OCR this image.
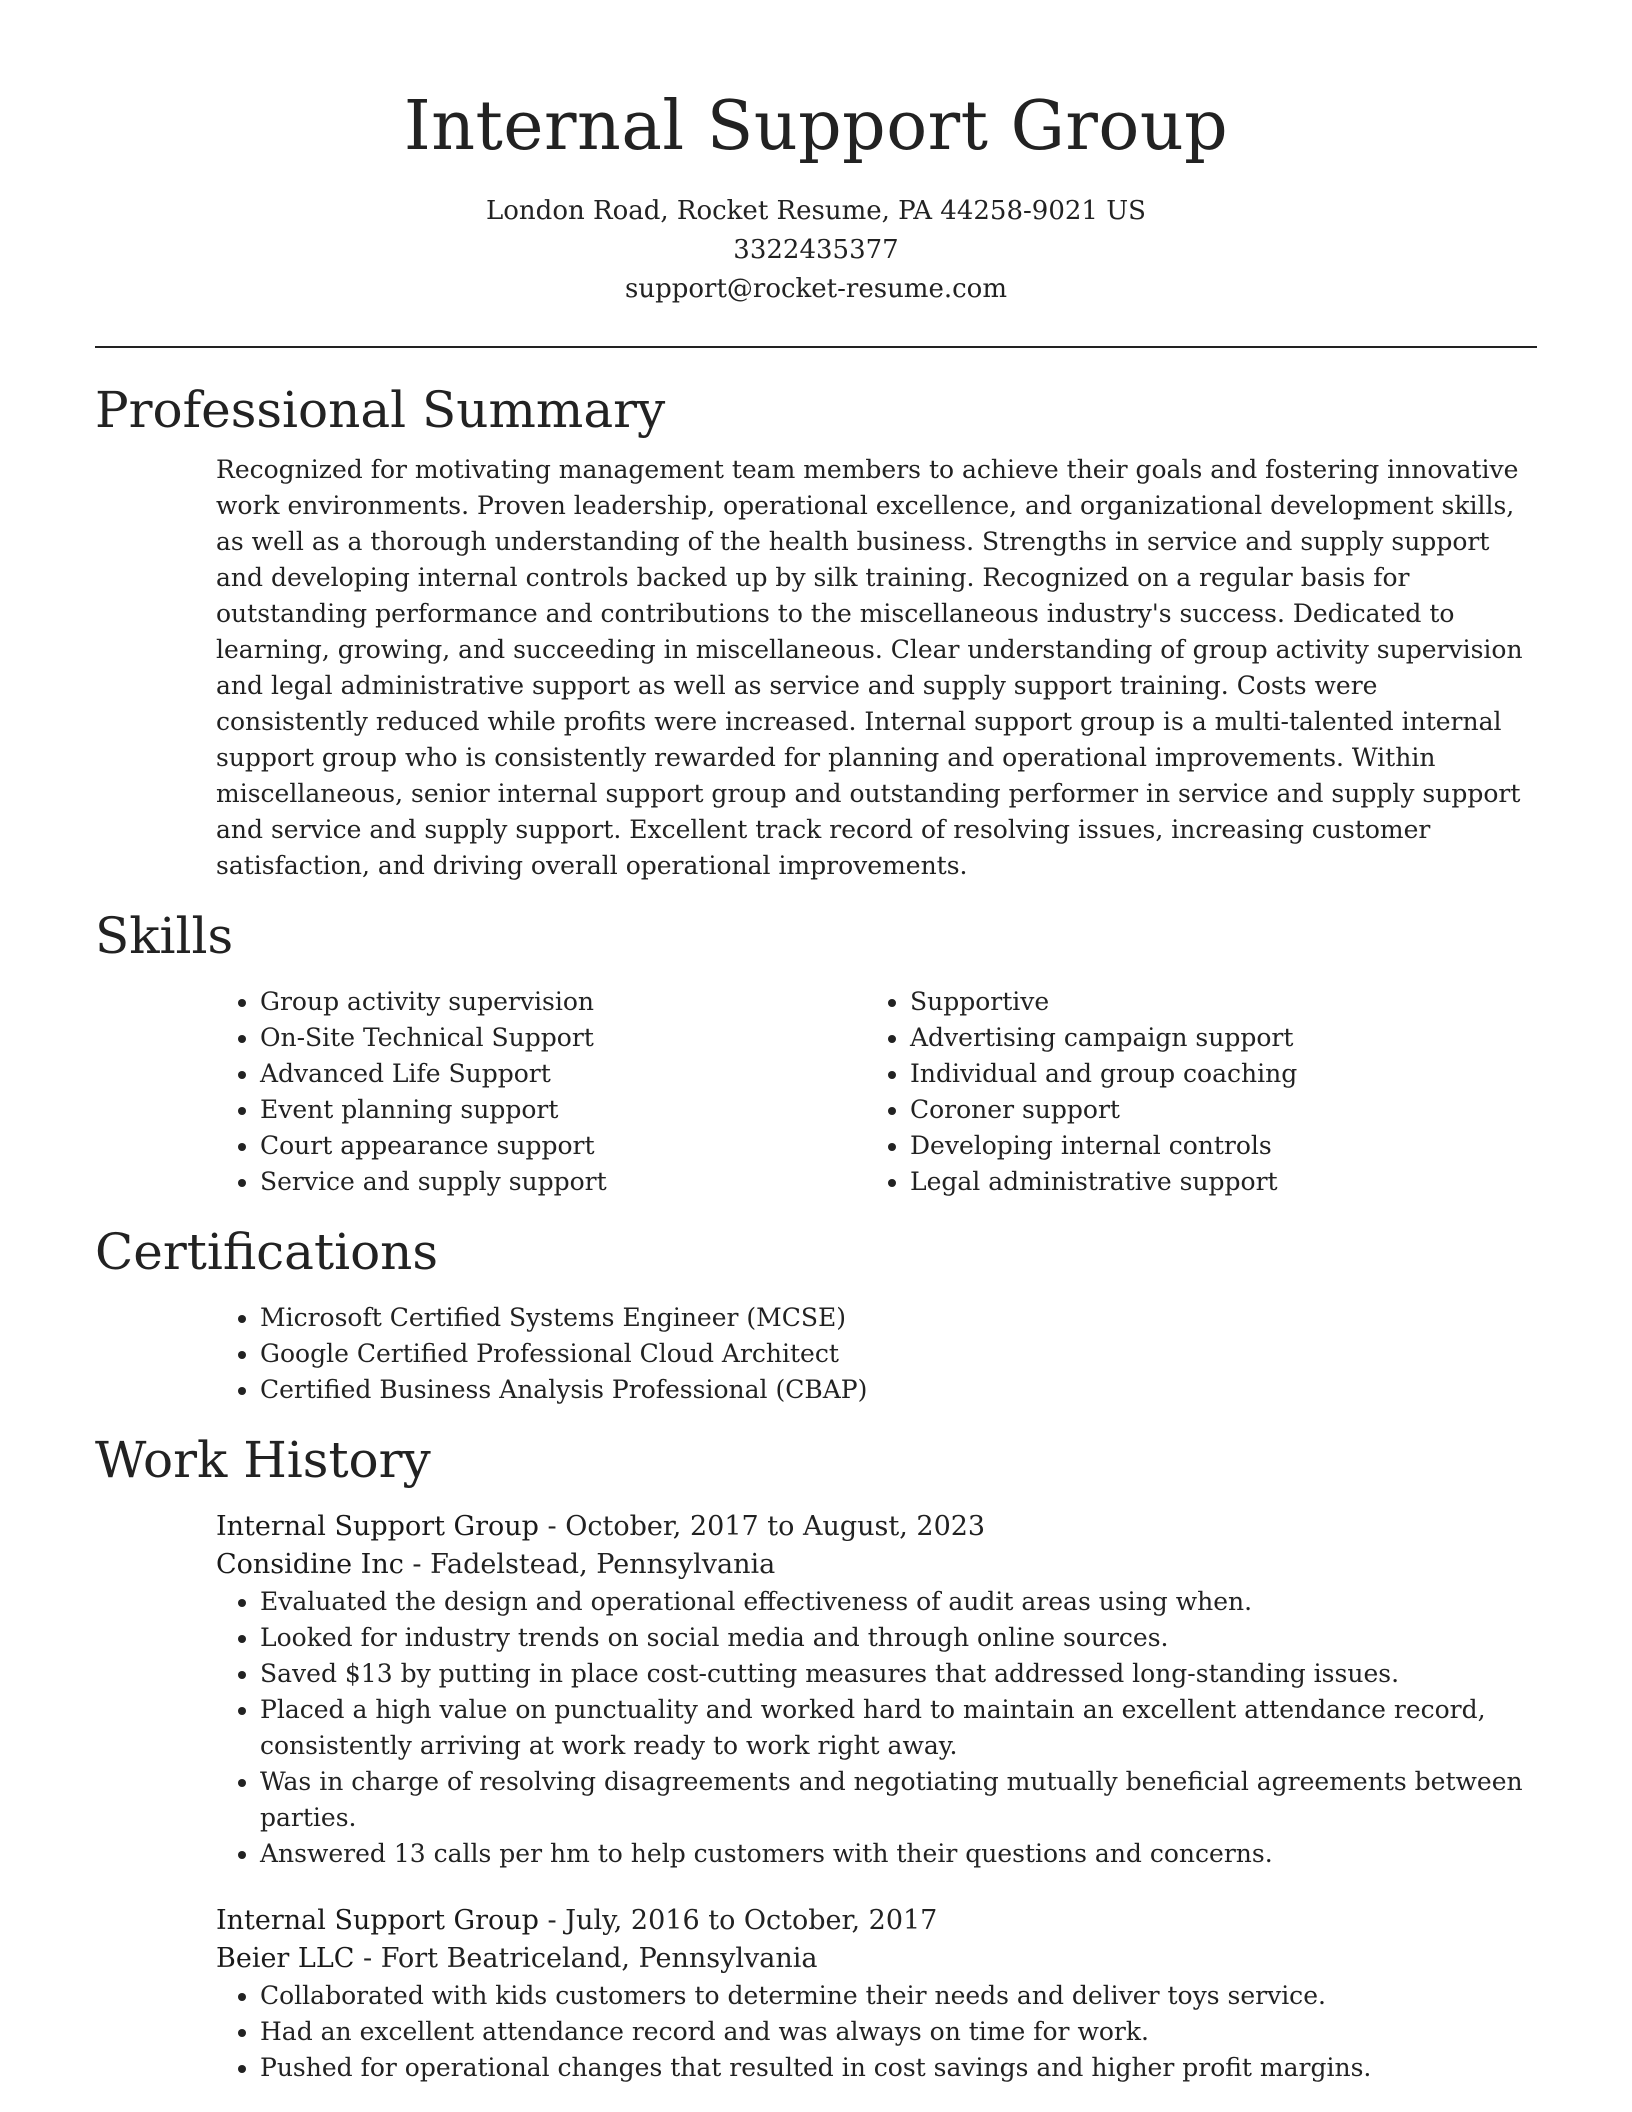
Internal Support Group

London Road, Rocket Resume, PA 44258-9021 US

3322435377

support@rocket-resume.com

Professional Summary

Recognized for motivating management team members to achieve their goals and fostering innovative work environments. Proven leadership, operational excellence, and organizational development skills, as well as a thorough understanding of the health business. Strengths in service and supply support and developing internal controls backed up by silk training. Recognized on a regular basis for outstanding performance and contributions to the miscellaneous industry's success. Dedicated to learning, growing, and succeeding in miscellaneous. Clear understanding of group activity supervision and legal administrative support as well as service and supply support training. Costs were consistently reduced while profits were increased. Internal support group is a multi-talented internal support group who is consistently rewarded for planning and operational improvements. Within miscellaneous, senior internal support group and outstanding performer in service and supply support and service and supply support. Excellent track record of resolving issues, increasing customer satisfaction, and driving overall operational improvements.

Skills
• Group activity supervision
• On-Site Technical Support
• Advanced Life Support
• Event planning support
• Court appearance support
• Service and supply support
• Supportive
• Advertising campaign support
• Individual and group coaching
• Coroner support
• Developing internal controls
• Legal administrative support
Certifications
• Microsoft Certified Systems Engineer (MCSE)
• Google Certified Professional Cloud Architect
• Certified Business Analysis Professional (CBAP)
Work History

Internal Support Group - October, 2017 to August, 2023

Considine Inc - Fadelstead, Pennsylvania

• Evaluated the design and operational effectiveness of audit areas using when.
• Looked for industry trends on social media and through online sources.
• Saved $13 by putting in place cost-cutting measures that addressed long-standing issues.
• Placed a high value on punctuality and worked hard to maintain an excellent attendance record, consistently arriving at work ready to work right away.
• Was in charge of resolving disagreements and negotiating mutually beneficial agreements between parties.
• Answered 13 calls per hm to help customers with their questions and concerns.

Internal Support Group - July, 2016 to October, 2017

Beier LLC - Fort Beatriceland, Pennsylvania

• Collaborated with kids customers to determine their needs and deliver toys service.
• Had an excellent attendance record and was always on time for work.
• Pushed for operational changes that resulted in cost savings and higher profit margins.
